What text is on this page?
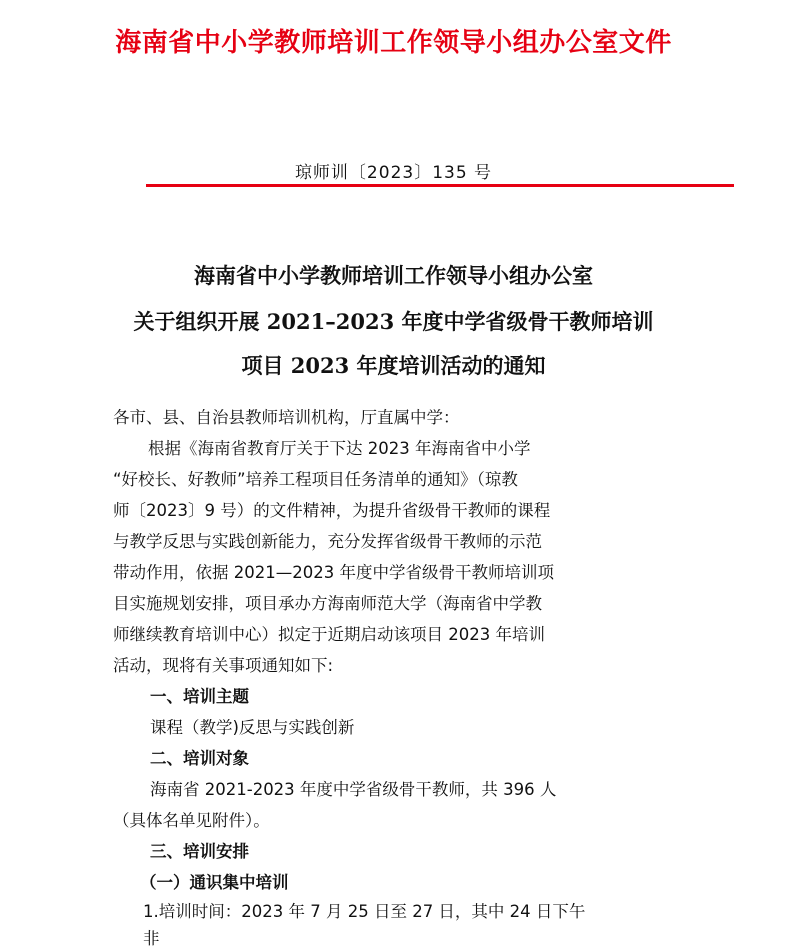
海南省中小学教师培训工作领导小组办公室文件
琼师训〔2023〕135 号
海南省中小学教师培训工作领导小组办公室
关于组织开展 2021–2023 年度中学省级骨干教师培训
项目 2023 年度培训活动的通知
各市、县、自治县教师培训机构，厅直属中学：
根据《海南省教育厅关于下达 2023 年海南省中小学
“好校长、好教师”培养工程项目任务清单的通知》（琼教
师〔2023〕9 号）的文件精神，为提升省级骨干教师的课程
与教学反思与实践创新能力，充分发挥省级骨干教师的示范
带动作用，依据 2021—2023 年度中学省级骨干教师培训项
目实施规划安排，项目承办方海南师范大学（海南省中学教
师继续教育培训中心）拟定于近期启动该项目 2023 年培训
活动，现将有关事项通知如下:
一、培训主题
课程（教学)反思与实践创新
二、培训对象
海南省 2021-2023 年度中学省级骨干教师，共 396 人
（具体名单见附件）。
三、培训安排
（一）通识集中培训
1.培训时间：2023 年 7 月 25 日至 27 日，其中 24 日下午
非
